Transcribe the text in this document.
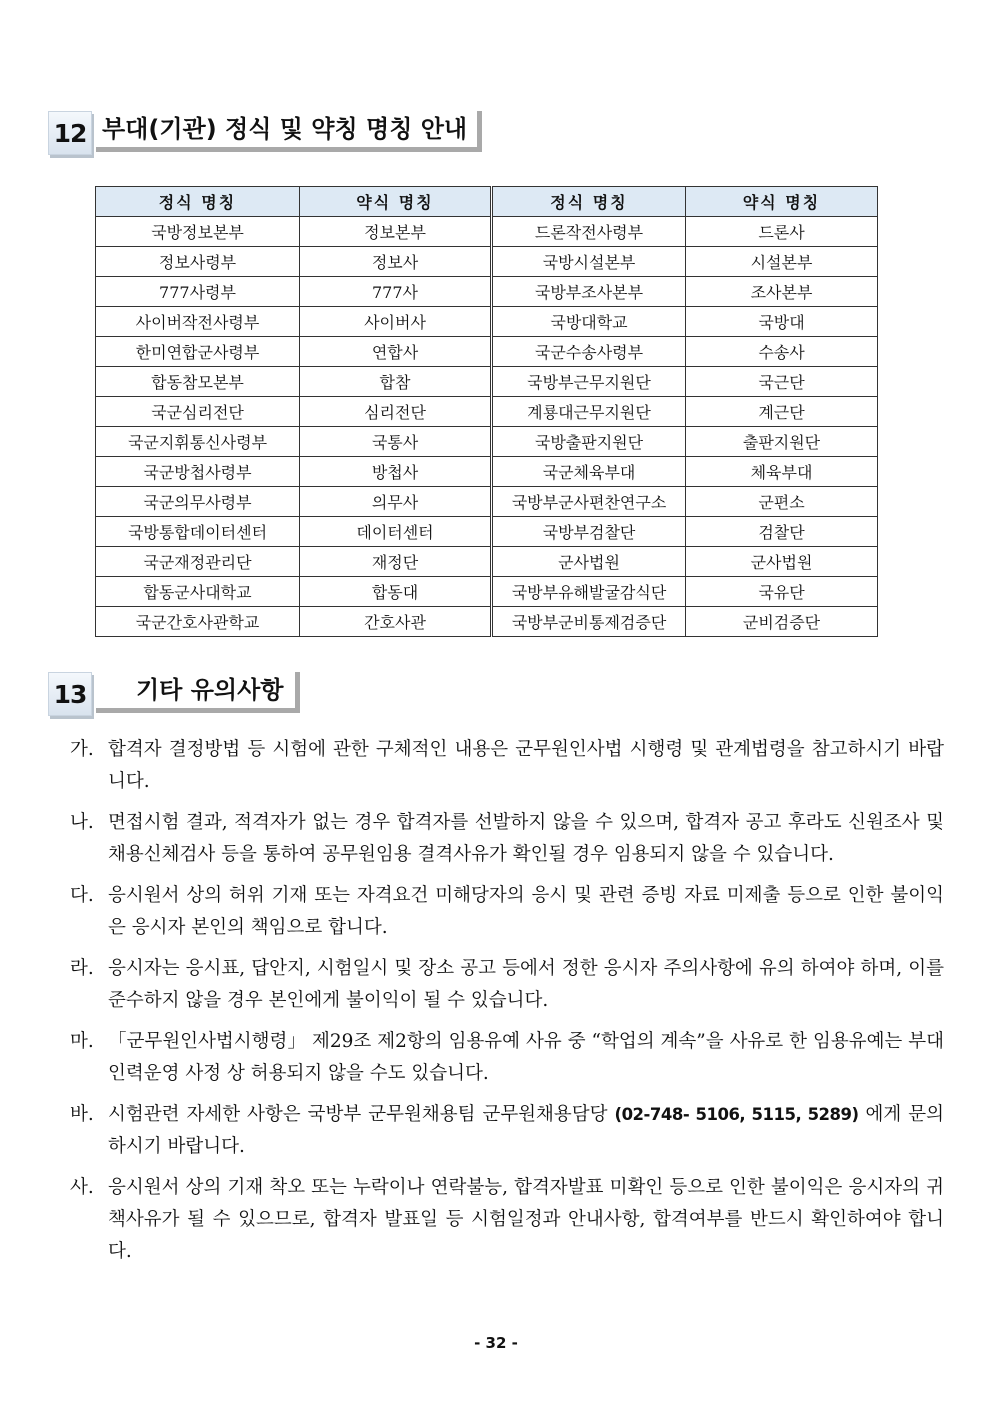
12 부대(기관) 정식 및 약칭 명칭 안내
정식 명칭	약식 명칭	정식 명칭	약식 명칭
국방정보본부	정보본부	드론작전사령부	드론사
정보사령부	정보사	국방시설본부	시설본부
777사령부	777사	국방부조사본부	조사본부
사이버작전사령부	사이버사	국방대학교	국방대
한미연합군사령부	연합사	국군수송사령부	수송사
합동참모본부	합참	국방부근무지원단	국근단
국군심리전단	심리전단	계룡대근무지원단	계근단
국군지휘통신사령부	국통사	국방출판지원단	출판지원단
국군방첩사령부	방첩사	국군체육부대	체육부대
국군의무사령부	의무사	국방부군사편찬연구소	군편소
국방통합데이터센터	데이터센터	국방부검찰단	검찰단
국군재정관리단	재정단	군사법원	군사법원
합동군사대학교	합동대	국방부유해발굴감식단	국유단
국군간호사관학교	간호사관	국방부군비통제검증단	군비검증단
13	기타 유의사항
가. 합격자 결정방법 등 시험에 관한 구체적인 내용은 군무원인사법 시행령 및 관계법령을 참고하시기 바랍니다.
나. 면접시험 결과, 적격자가 없는 경우 합격자를 선발하지 않을 수 있으며, 합격자 공고 후라도 신원조사 및 채용신체검사 등을 통하여 공무원임용 결격사유가 확인될 경우 임용되지 않을 수 있습니다.
다. 응시원서 상의 허위 기재 또는 자격요건 미해당자의 응시 및 관련 증빙 자료 미제출 등으로 인한 불이익은 응시자 본인의 책임으로 합니다.
라. 응시자는 응시표, 답안지, 시험일시 및 장소 공고 등에서 정한 응시자 주의사항에 유의 하여야 하며, 이를 준수하지 않을 경우 본인에게 불이익이 될 수 있습니다.
마. 「군무원인사법시행령」 제29조 제2항의 임용유예 사유 중 “학업의 계속”을 사유로 한 임용유예는 부대 인력운영 사정 상 허용되지 않을 수도 있습니다.
바. 시험관련 자세한 사항은 국방부 군무원채용팀 군무원채용담당 (02-748- 5106, 5115, 5289) 에게 문의하시기 바랍니다.
사. 응시원서 상의 기재 착오 또는 누락이나 연락불능, 합격자발표 미확인 등으로 인한 불이익은 응시자의 귀책사유가 될 수 있으므로, 합격자 발표일 등 시험일정과 안내사항, 합격여부를 반드시 확인하여야 합니다.
- 32 -
